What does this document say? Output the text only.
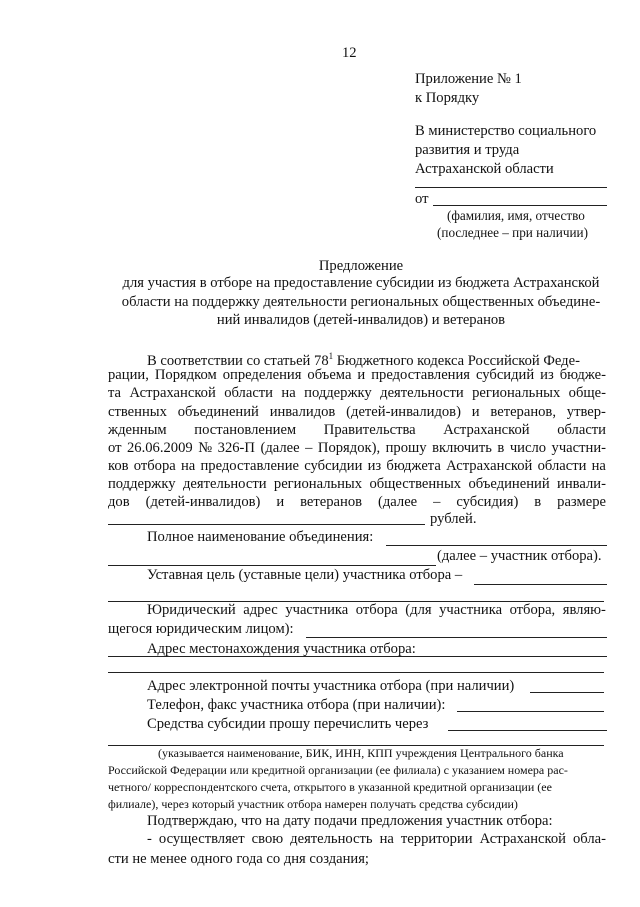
12
Приложение № 1
к Порядку
В министерство социального
развития и труда
Астраханской области
от
(фамилия, имя, отчество
(последнее – при наличии)
Предложение
для участия в отборе на предоставление субсидии из бюджета Астраханской
области на поддержку деятельности региональных общественных объедине-
ний инвалидов (детей-инвалидов) и ветеранов
В соответствии со статьей $78^1$ Бюджетного кодекса Российской Феде-
рации, Порядком определения объема и предоставления субсидий из бюдже-
та Астраханской области на поддержку деятельности региональных обще-
ственных объединений инвалидов (детей-инвалидов) и ветеранов, утвер-
жденным постановлением Правительства Астраханской области
от 26.06.2009 № 326-П (далее – Порядок), прошу включить в число участни-
ков отбора на предоставление субсидии из бюджета Астраханской области на
поддержку деятельности региональных общественных объединений инвали-
дов (детей-инвалидов) и ветеранов (далее – субсидия) в размере
рублей.
Полное наименование объединения:
(далее – участник отбора).
Уставная цель (уставные цели) участника отбора –
Юридический адрес участника отбора (для участника отбора, являю-
щегося юридическим лицом):
Адрес местонахождения участника отбора:
Адрес электронной почты участника отбора (при наличии)
Телефон, факс участника отбора (при наличии):
Средства субсидии прошу перечислить через
(указывается наименование, БИК, ИНН, КПП учреждения Центрального банка
Российской Федерации или кредитной организации (ее филиала) с указанием номера рас-
четного/ корреспондентского счета, открытого в указанной кредитной организации (ее
филиале), через который участник отбора намерен получать средства субсидии)
Подтверждаю, что на дату подачи предложения участник отбора:
- осуществляет свою деятельность на территории Астраханской обла-
сти не менее одного года со дня создания;
